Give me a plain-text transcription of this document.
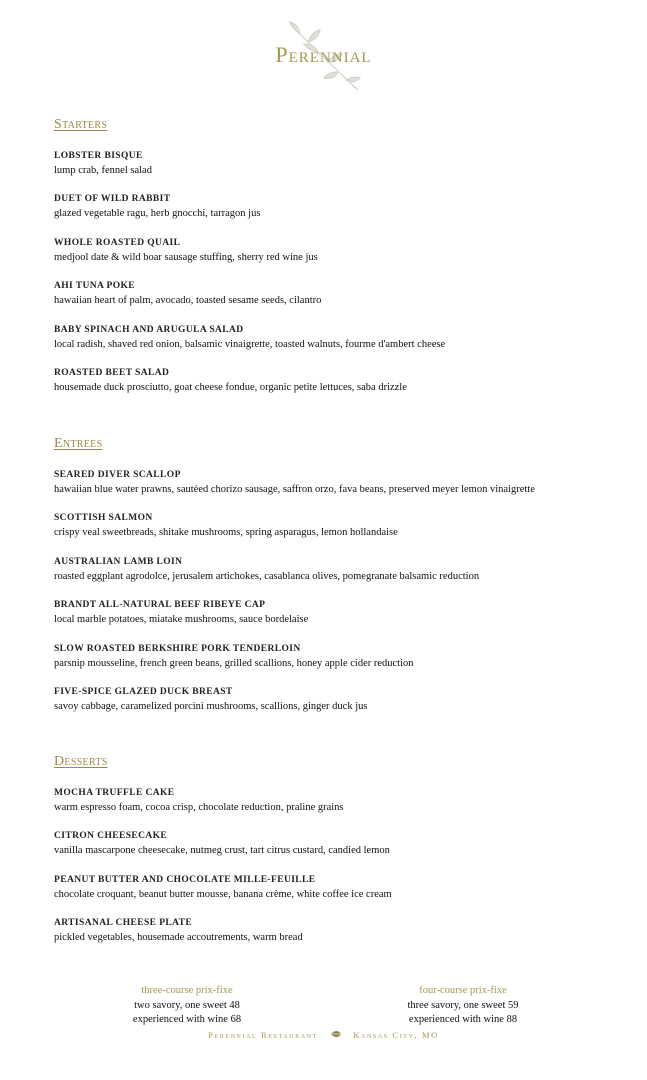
Perennial
Starters
LOBSTER BISQUE
lump crab, fennel salad
DUET OF WILD RABBIT
glazed vegetable ragu, herb gnocchi, tarragon jus
WHOLE ROASTED QUAIL
medjool date & wild boar sausage stuffing, sherry red wine jus
AHI TUNA POKE
hawaiian heart of palm, avocado, toasted sesame seeds, cilantro
BABY SPINACH AND ARUGULA SALAD
local radish, shaved red onion, balsamic vinaigrette, toasted walnuts, fourme d'ambert cheese
ROASTED BEET SALAD
housemade duck prosciutto, goat cheese fondue, organic petite lettuces, saba drizzle
Entrees
SEARED DIVER SCALLOP
hawaiian blue water prawns, sautéed chorizo sausage, saffron orzo, fava beans, preserved meyer lemon vinaigrette
SCOTTISH SALMON
crispy veal sweetbreads, shitake mushrooms, spring asparagus, lemon hollandaise
AUSTRALIAN LAMB LOIN
roasted eggplant agrodolce, jerusalem artichokes, casablanca olives, pomegranate balsamic reduction
BRANDT ALL-NATURAL BEEF RIBEYE CAP
local marble potatoes, miatake mushrooms, sauce bordelaise
SLOW ROASTED BERKSHIRE PORK TENDERLOIN
parsnip mousseline, french green beans, grilled scallions, honey apple cider reduction
FIVE-SPICE GLAZED DUCK BREAST
savoy cabbage, caramelized porcini mushrooms, scallions, ginger duck jus
Desserts
MOCHA TRUFFLE CAKE
warm espresso foam, cocoa crisp, chocolate reduction, praline grains
CITRON CHEESECAKE
vanilla mascarpone cheesecake, nutmeg crust, tart citrus custard, candied lemon
PEANUT BUTTER AND CHOCOLATE MILLE-FEUILLE
chocolate croquant, beanut butter mousse, banana crème, white coffee ice cream
ARTISANAL CHEESE PLATE
pickled vegetables, housemade accoutrements, warm bread
three-course prix-fixe
two savory, one sweet 48
experienced with wine 68
four-course prix-fixe
three savory, one sweet 59
experienced with wine 88
Perennial Restaurant	Kansas City, MO
